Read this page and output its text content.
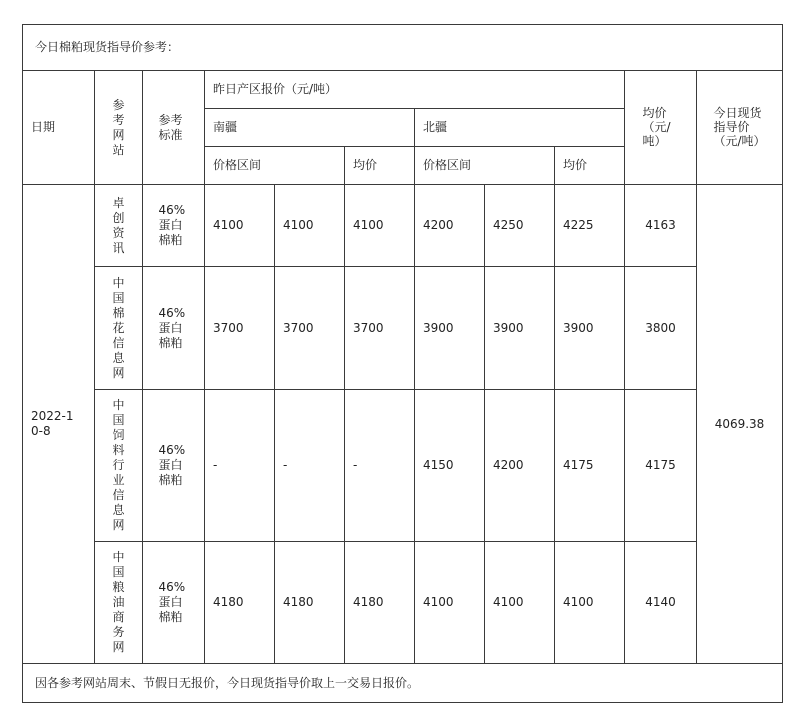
今日棉粕现货指导价参考：										
日期	参考网站	参考标准	昨日产区报价（元/吨）						均价（元/吨）	今日现货指导价（元/吨）
			南疆			北疆				
			价格区间		均价	价格区间		均价		
2022-10-8	卓创资讯	46%蛋白棉粕	4100	4100	4100	4200	4250	4225	4163	4069.38
	中国棉花信息网	46%蛋白棉粕	3700	3700	3700	3900	3900	3900	3800	
	中国饲料行业信息网	46%蛋白棉粕	-	-	-	4150	4200	4175	4175	
	中国粮油商务网	46%蛋白棉粕	4180	4180	4180	4100	4100	4100	4140	
因各参考网站周末、节假日无报价，今日现货指导价取上一交易日报价。										
